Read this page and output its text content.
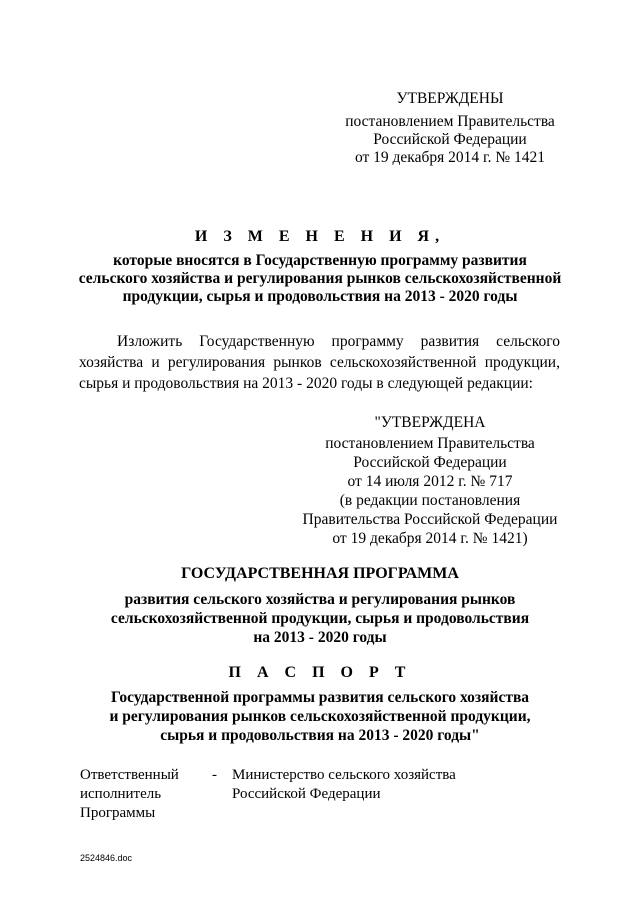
УТВЕРЖДЕНЫ
постановлением Правительства
Российской Федерации
от 19 декабря 2014 г. № 1421
И З М Е Н Е Н И Я,
которые вносятся в Государственную программу развития
сельского хозяйства и регулирования рынков сельскохозяйственной
продукции, сырья и продовольствия на 2013 - 2020 годы
Изложить Государственную программу развития сельского
хозяйства и регулирования рынков сельскохозяйственной продукции,
сырья и продовольствия на 2013 - 2020 годы в следующей редакции:
"УТВЕРЖДЕНА
постановлением Правительства
Российской Федерации
от 14 июля 2012 г. № 717
(в редакции постановления
Правительства Российской Федерации
от 19 декабря 2014 г. № 1421)
ГОСУДАРСТВЕННАЯ ПРОГРАММА
развития сельского хозяйства и регулирования рынков
сельскохозяйственной продукции, сырья и продовольствия
на 2013 - 2020 годы
П А С П О Р Т
Государственной программы развития сельского хозяйства
и регулирования рынков сельскохозяйственной продукции,
сырья и продовольствия на 2013 - 2020 годы"
Ответственный
исполнитель
Программы
- Министерство сельского хозяйства
Российской Федерации
2524846.doc
